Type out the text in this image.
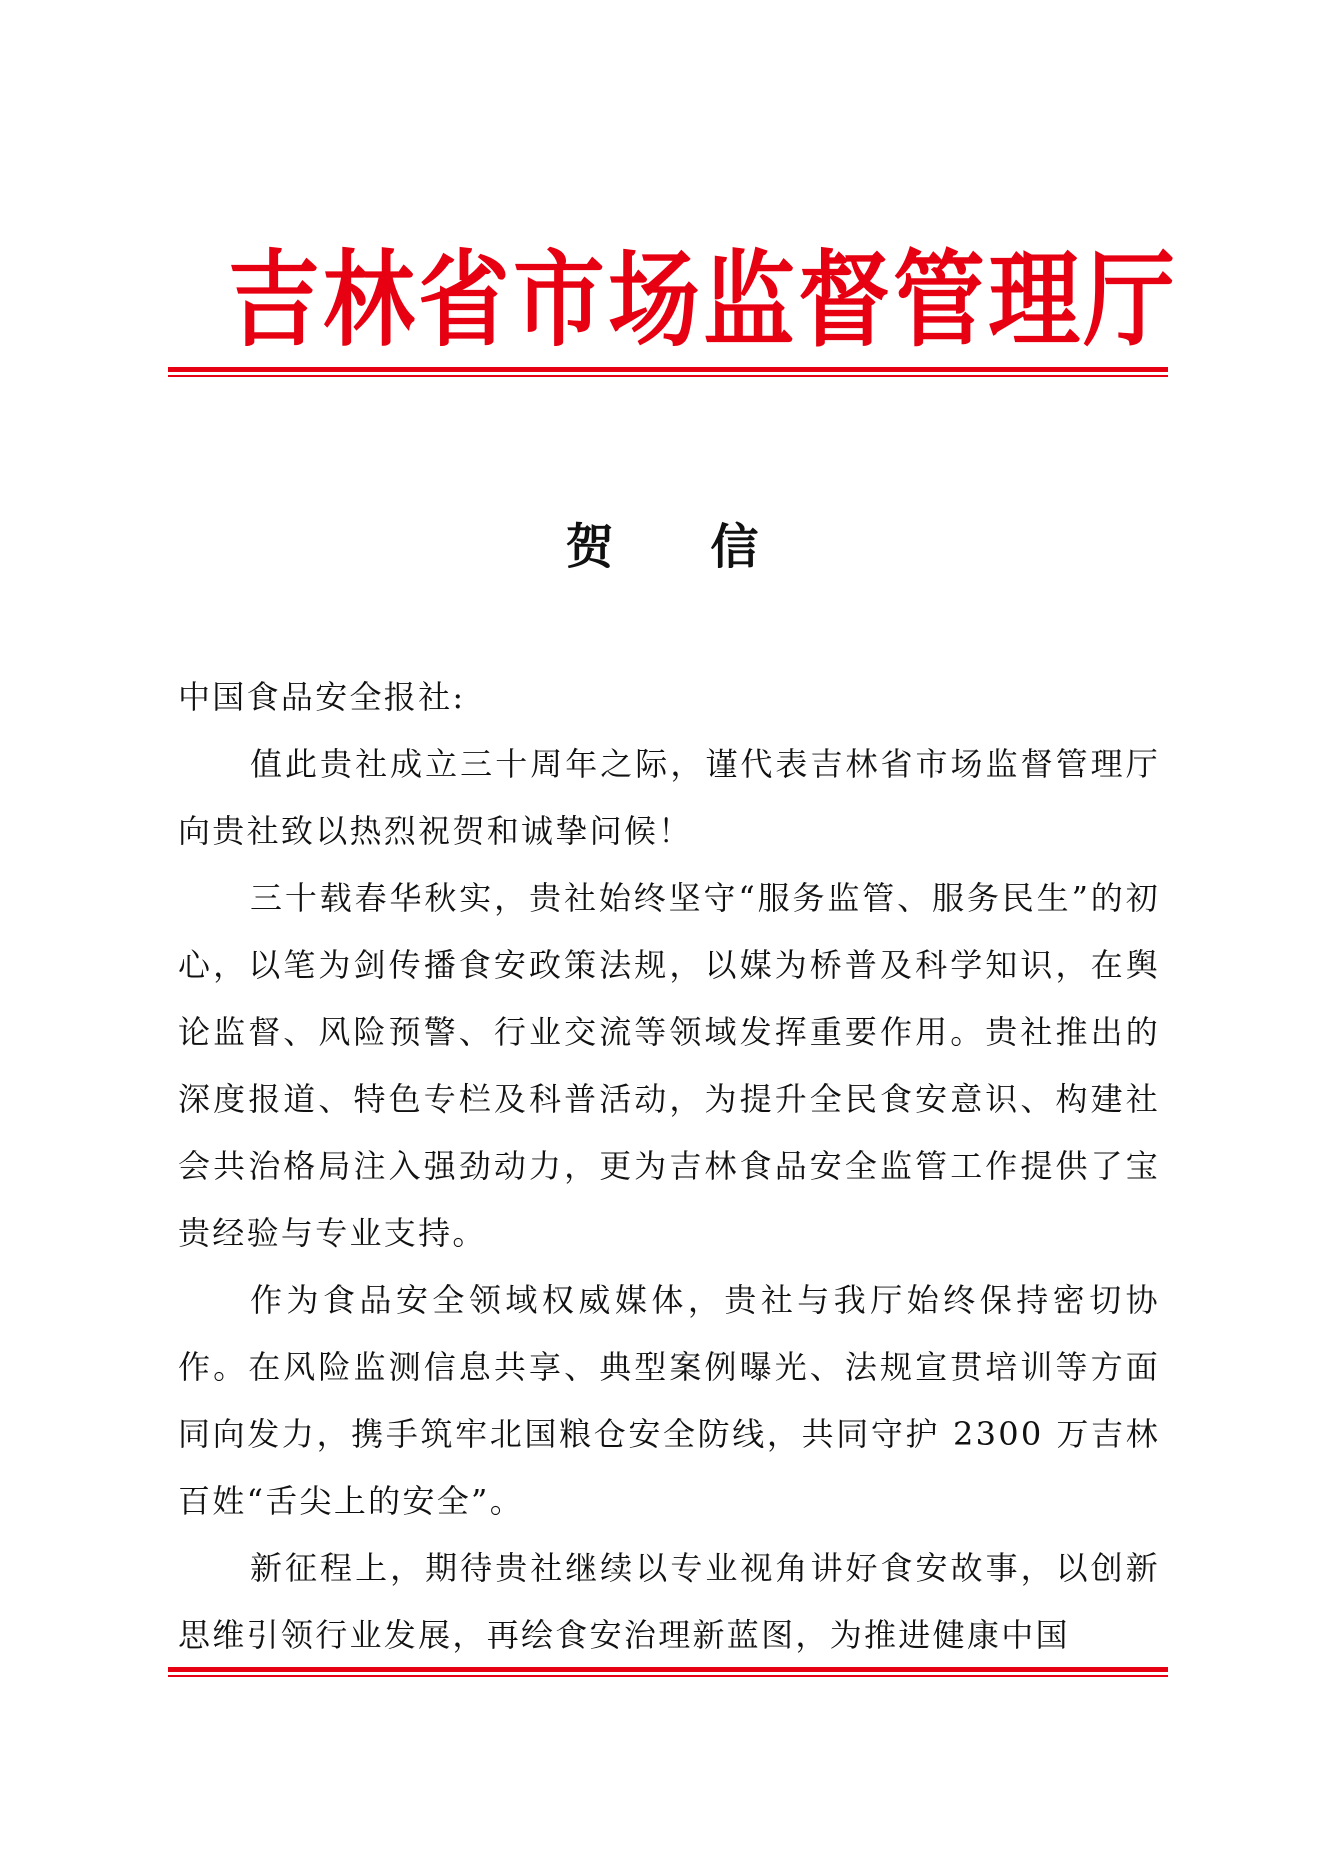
吉林省市场监督管理厅
贺 信

中国食品安全报社:

值此贵社成立三十周年之际，谨代表吉林省市场监督管理厅向贵社致以热烈祝贺和诚挚问候！

三十载春华秋实，贵社始终坚守“服务监管、服务民生”的初心，以笔为剑传播食安政策法规，以媒为桥普及科学知识，在舆论监督、风险预警、行业交流等领域发挥重要作用。贵社推出的深度报道、特色专栏及科普活动，为提升全民食安意识、构建社会共治格局注入强劲动力，更为吉林食品安全监管工作提供了宝贵经验与专业支持。

作为食品安全领域权威媒体，贵社与我厅始终保持密切协作。在风险监测信息共享、典型案例曝光、法规宣贯培训等方面同向发力，携手筑牢北国粮仓安全防线，共同守护 2300 万吉林百姓“舌尖上的安全”。

新征程上，期待贵社继续以专业视角讲好食安故事，以创新思维引领行业发展，再绘食安治理新蓝图，为推进健康中国
